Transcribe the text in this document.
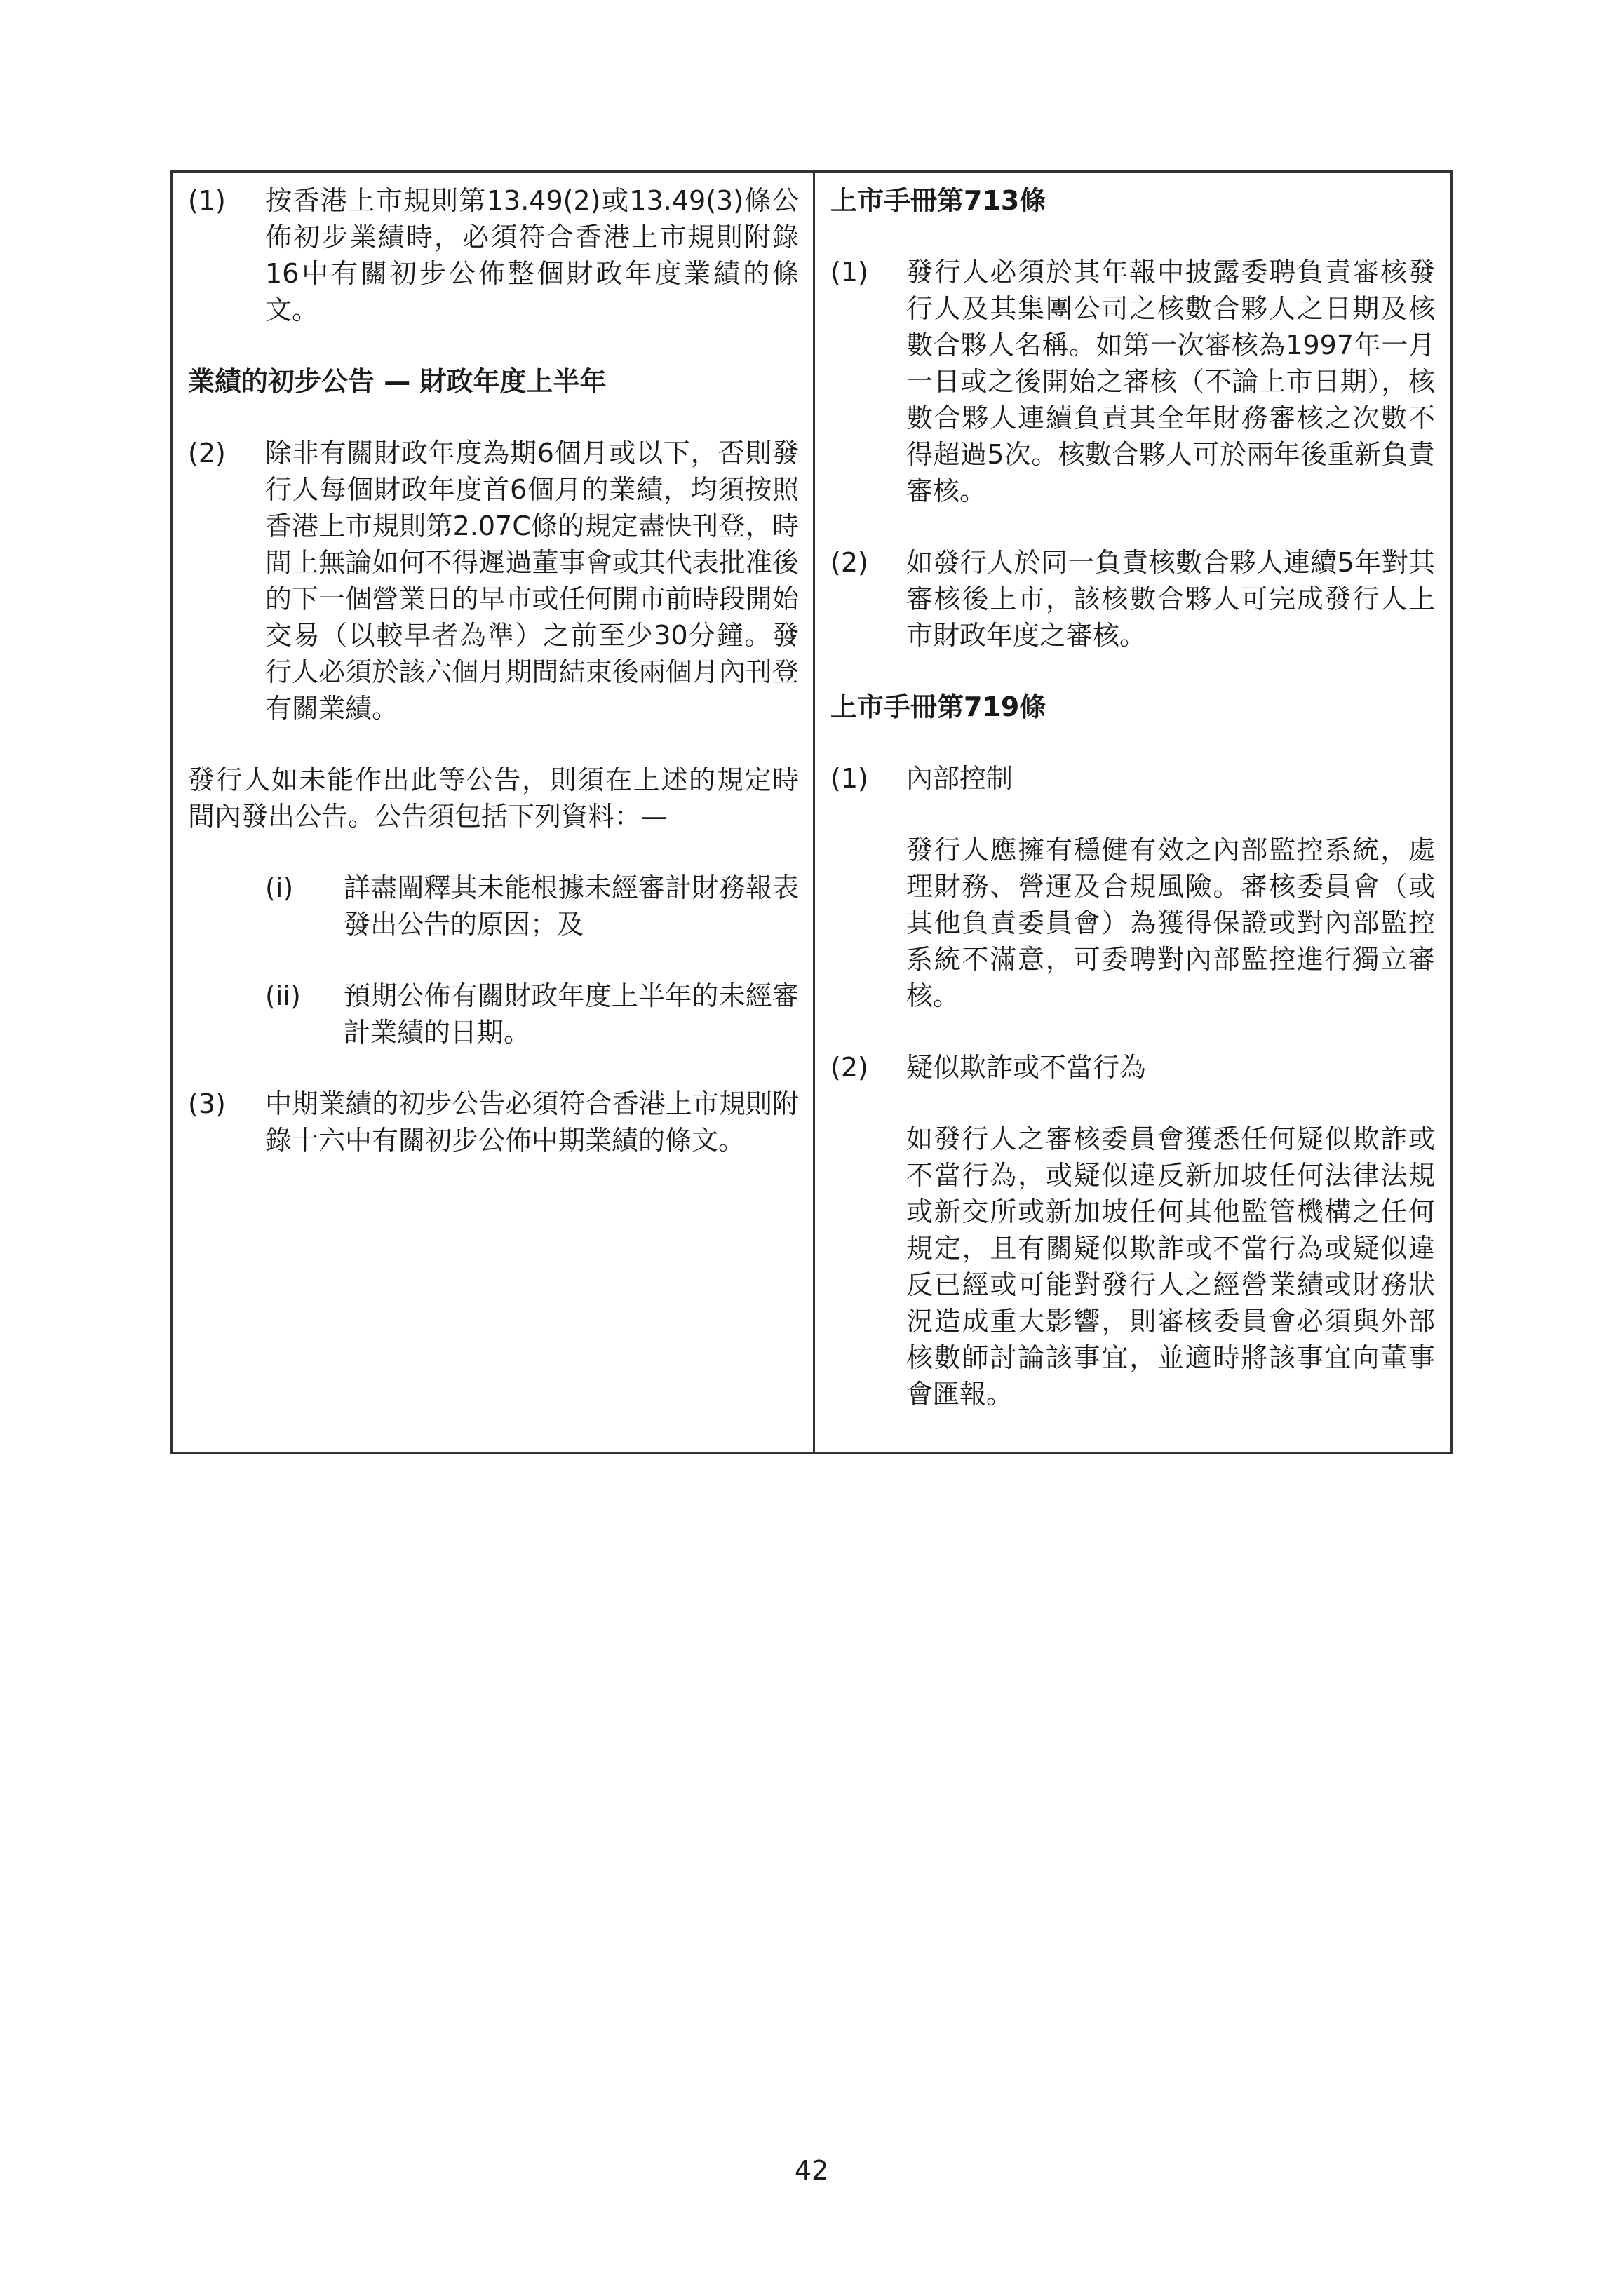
(1)	按香港上市規則第13.49(2)或13.49(3)條公佈初步業績時，必須符合香港上市規則附錄16中有關初步公佈整個財政年度業績的條文。
業績的初步公告 — 財政年度上半年
(2)	除非有關財政年度為期6個月或以下，否則發行人每個財政年度首6個月的業績，均須按照香港上市規則第2.07C條的規定盡快刊登，時間上無論如何不得遲過董事會或其代表批准後的下一個營業日的早市或任何開市前時段開始交易（以較早者為準）之前至少30分鐘。發行人必須於該六個月期間結束後兩個月內刊登有關業績。
發行人如未能作出此等公告，則須在上述的規定時間內發出公告。公告須包括下列資料：—
(i)	詳盡闡釋其未能根據未經審計財務報表發出公告的原因；及
(ii)	預期公佈有關財政年度上半年的未經審計業績的日期。
(3)	中期業績的初步公告必須符合香港上市規則附錄十六中有關初步公佈中期業績的條文。
上市手冊第713條
(1)	發行人必須於其年報中披露委聘負責審核發行人及其集團公司之核數合夥人之日期及核數合夥人名稱。如第一次審核為1997年一月一日或之後開始之審核（不論上市日期），核數合夥人連續負責其全年財務審核之次數不得超過5次。核數合夥人可於兩年後重新負責審核。
(2)	如發行人於同一負責核數合夥人連續5年對其審核後上市，該核數合夥人可完成發行人上市財政年度之審核。
上市手冊第719條
(1)	內部控制
發行人應擁有穩健有效之內部監控系統，處理財務、營運及合規風險。審核委員會（或其他負責委員會）為獲得保證或對內部監控系統不滿意，可委聘對內部監控進行獨立審核。
(2)	疑似欺詐或不當行為
如發行人之審核委員會獲悉任何疑似欺詐或不當行為，或疑似違反新加坡任何法律法規或新交所或新加坡任何其他監管機構之任何規定，且有關疑似欺詐或不當行為或疑似違反已經或可能對發行人之經營業績或財務狀況造成重大影響，則審核委員會必須與外部核數師討論該事宜，並適時將該事宜向董事會匯報。
42
